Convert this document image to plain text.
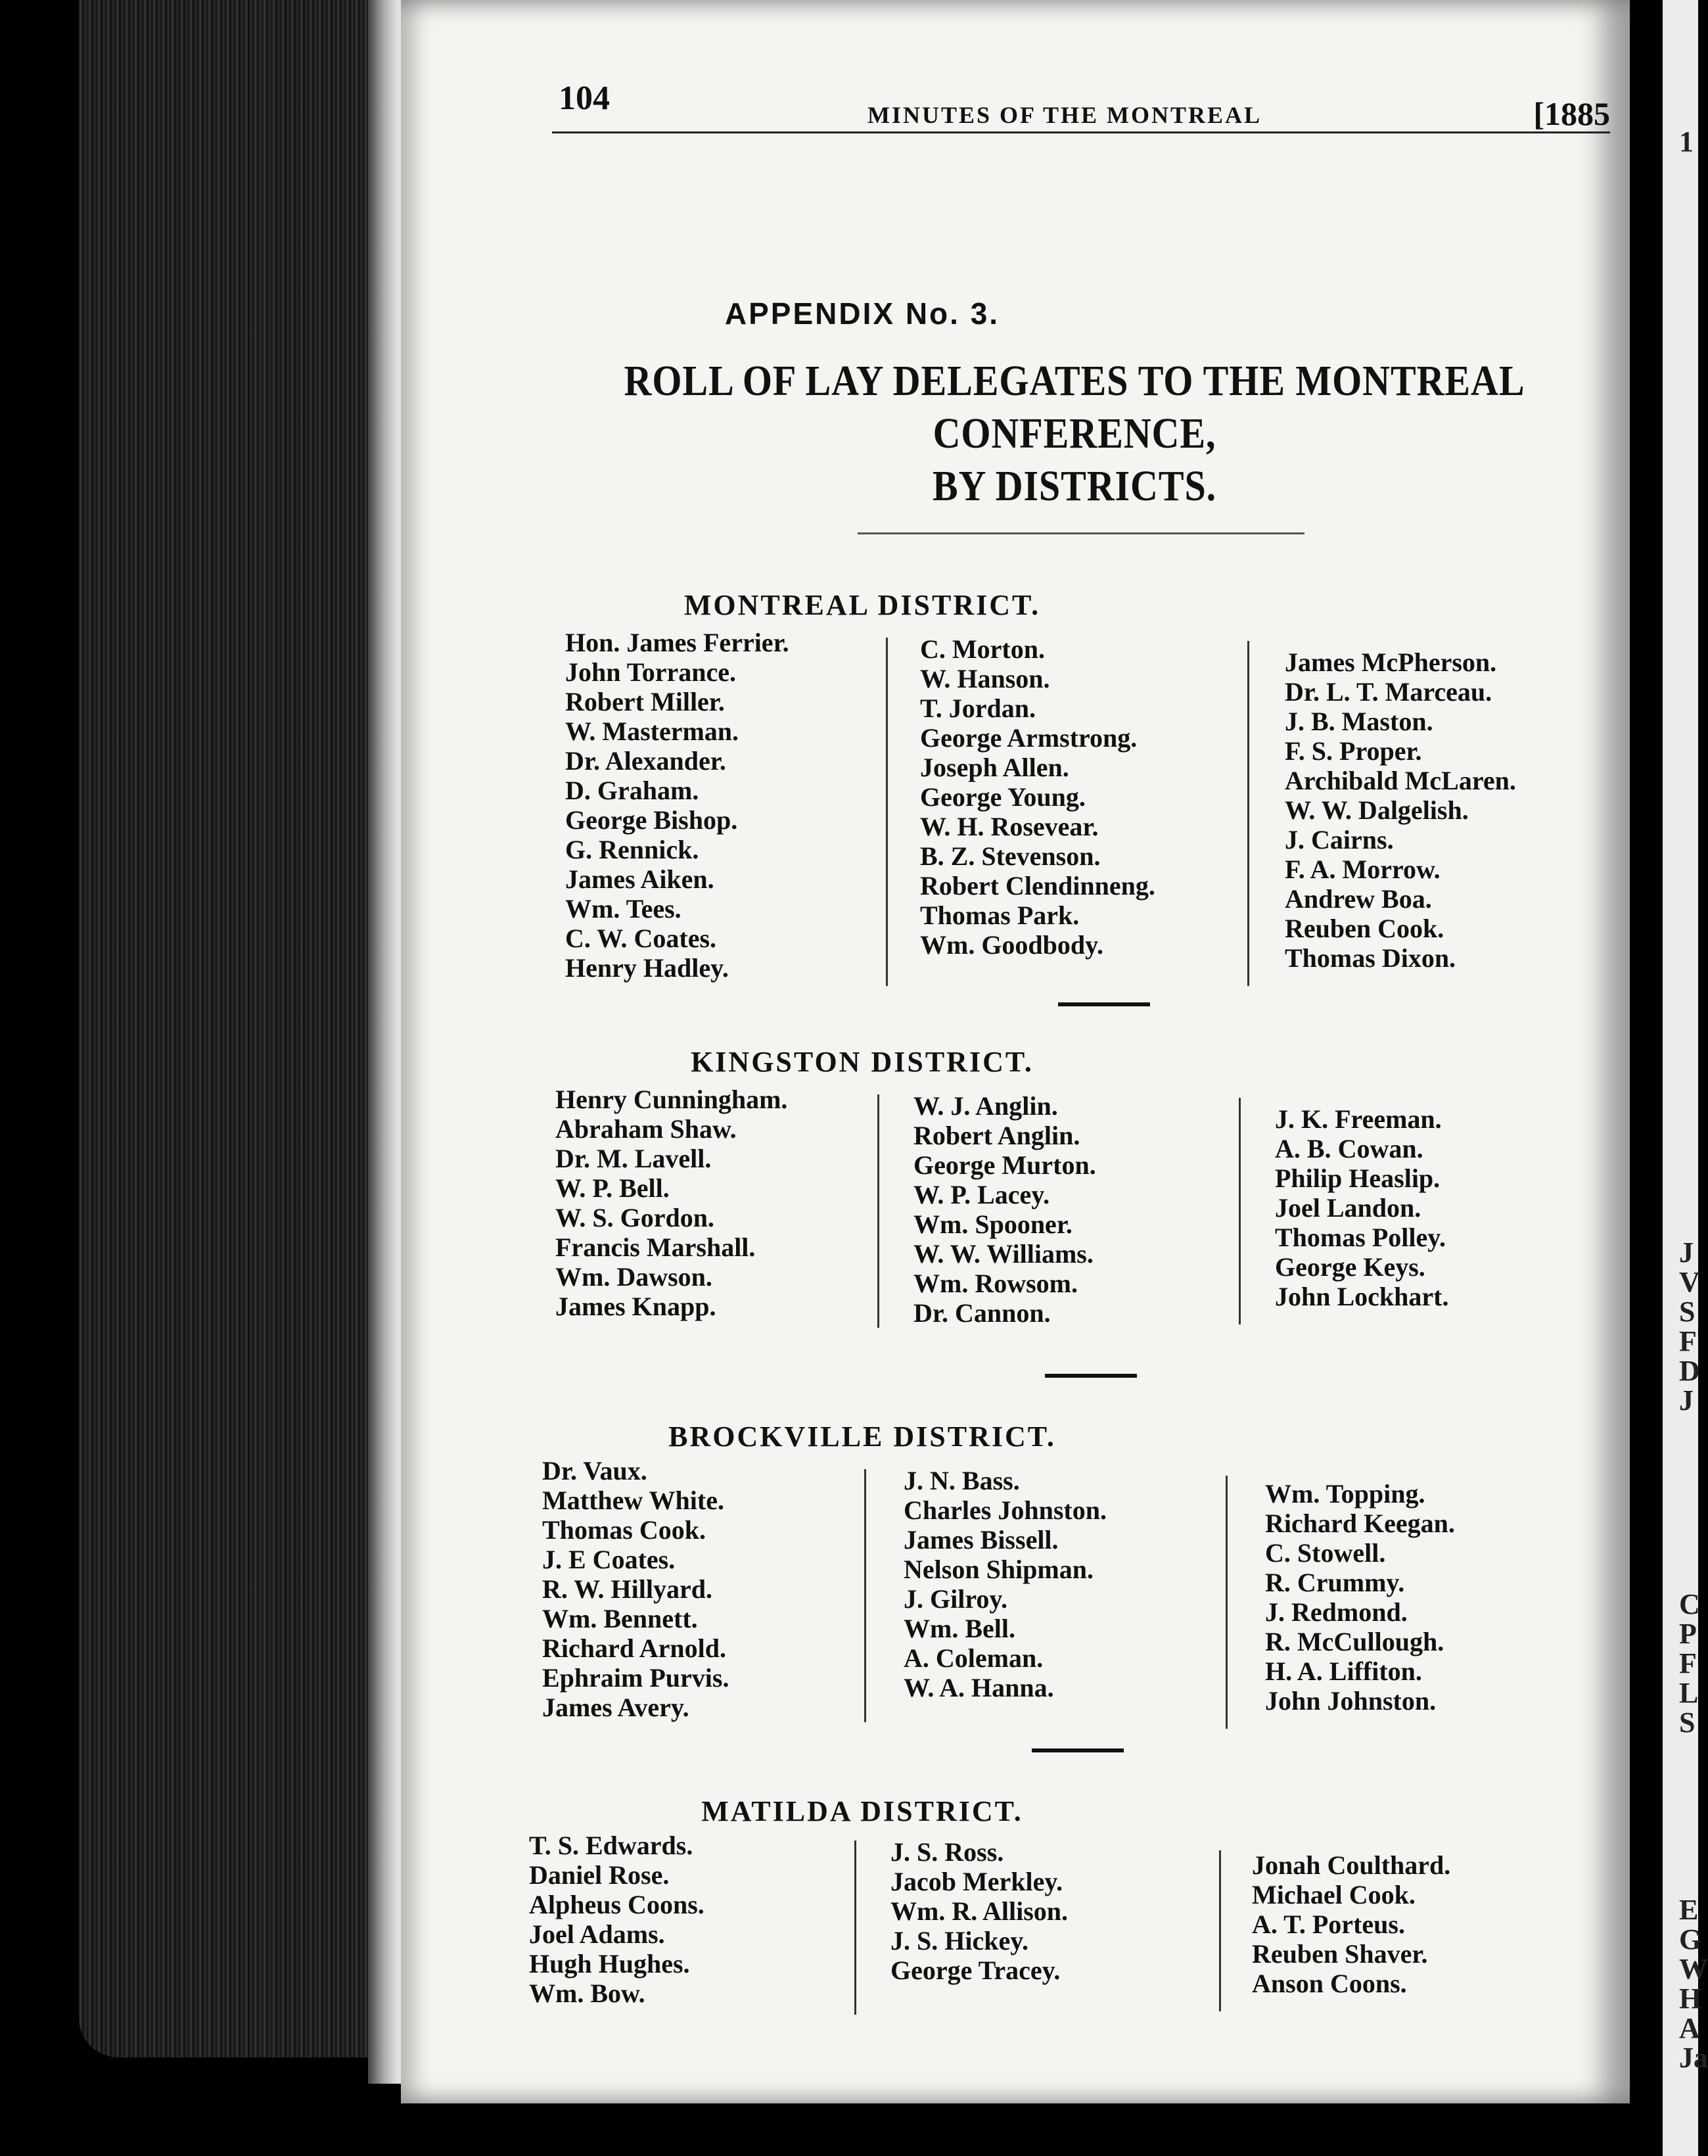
1
J
V
S
F
D
J
C
P
F
L
S
E
G
W
H
A
Ja
104	MINUTES OF THE MONTREAL	[1885
APPENDIX No. 3.
ROLL OF LAY DELEGATES TO THE MONTREAL CONFERENCE,
BY DISTRICTS.
MONTREAL DISTRICT.
Hon. James Ferrier.
John Torrance.
Robert Miller.
W. Masterman.
Dr. Alexander.
D. Graham.
George Bishop.
G. Rennick.
James Aiken.
Wm. Tees.
C. W. Coates.
Henry Hadley.
C. Morton.
W. Hanson.
T. Jordan.
George Armstrong.
Joseph Allen.
George Young.
W. H. Rosevear.
B. Z. Stevenson.
Robert Clendinneng.
Thomas Park.
Wm. Goodbody.
James McPherson.
Dr. L. T. Marceau.
J. B. Maston.
F. S. Proper.
Archibald McLaren.
W. W. Dalgelish.
J. Cairns.
F. A. Morrow.
Andrew Boa.
Reuben Cook.
Thomas Dixon.
KINGSTON DISTRICT.
Henry Cunningham.
Abraham Shaw.
Dr. M. Lavell.
W. P. Bell.
W. S. Gordon.
Francis Marshall.
Wm. Dawson.
James Knapp.
W. J. Anglin.
Robert Anglin.
George Murton.
W. P. Lacey.
Wm. Spooner.
W. W. Williams.
Wm. Rowsom.
Dr. Cannon.
J. K. Freeman.
A. B. Cowan.
Philip Heaslip.
Joel Landon.
Thomas Polley.
George Keys.
John Lockhart.
BROCKVILLE DISTRICT.
Dr. Vaux.
Matthew White.
Thomas Cook.
J. E Coates.
R. W. Hillyard.
Wm. Bennett.
Richard Arnold.
Ephraim Purvis.
James Avery.
J. N. Bass.
Charles Johnston.
James Bissell.
Nelson Shipman.
J. Gilroy.
Wm. Bell.
A. Coleman.
W. A. Hanna.
Wm. Topping.
Richard Keegan.
C. Stowell.
R. Crummy.
J. Redmond.
R. McCullough.
H. A. Liffiton.
John Johnston.
MATILDA DISTRICT.
T. S. Edwards.
Daniel Rose.
Alpheus Coons.
Joel Adams.
Hugh Hughes.
Wm. Bow.
J. S. Ross.
Jacob Merkley.
Wm. R. Allison.
J. S. Hickey.
George Tracey.
Jonah Coulthard.
Michael Cook.
A. T. Porteus.
Reuben Shaver.
Anson Coons.
